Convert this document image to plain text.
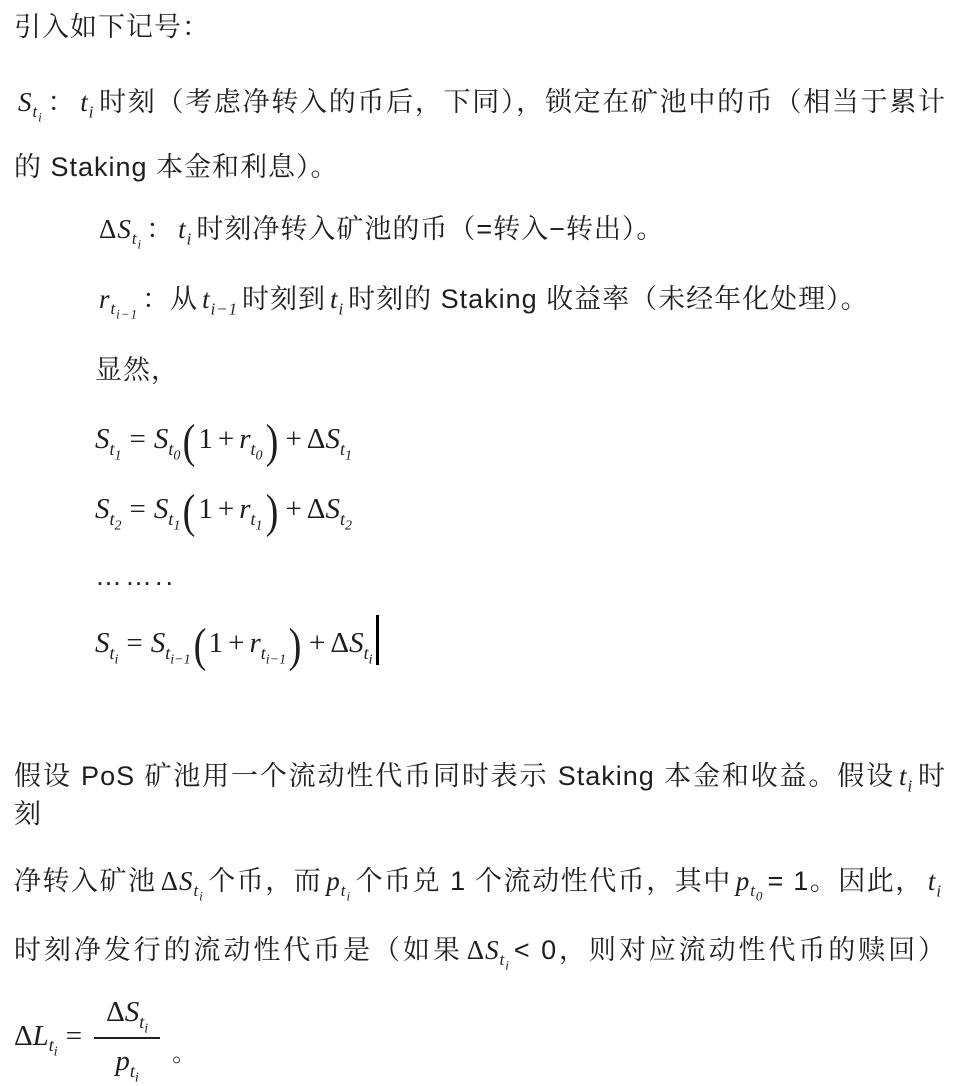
引入如下记号：
$S_{t_i}$： $t_i$ 时刻（考虑净转入的币后，下同），锁定在矿池中的币（相当于累计
的 Staking 本金和利息）。
$\Delta S_{t_i}$： $t_i$ 时刻净转入矿池的币（=转入−转出）。
$r_{t_{i-1}}$：从 $t_{i-1}$ 时刻到 $t_i$ 时刻的 Staking 收益率（未经年化处理）。
显然，
$S_{t_1}= S_{t_0}(1 + r_{t_0}) + \Delta S_{t_1}$
$S_{t_2}= S_{t_1}(1 + r_{t_1}) + \Delta S_{t_2}$
……..
$S_{t_i}= S_{t_{i-1}}(1 + r_{t_{i-1}}) + \Delta S_{t_i}$
假设 PoS 矿池用一个流动性代币同时表示 Staking 本金和收益。假设 $t_i$ 时刻
净转入矿池 $\Delta S_{t_i}$个币，而 $p_{t_i}$个币兑 1 个流动性代币，其中 $p_{t_0}= 1$。因此， $t_i$
时刻净发行的流动性代币是（如果 $\Delta S_{t_i}< 0$，则对应流动性代币的赎回）
$\Delta L_{t_i}$
= $\frac{\Delta S_{t_i}}{p_{t_i}}$ 。
